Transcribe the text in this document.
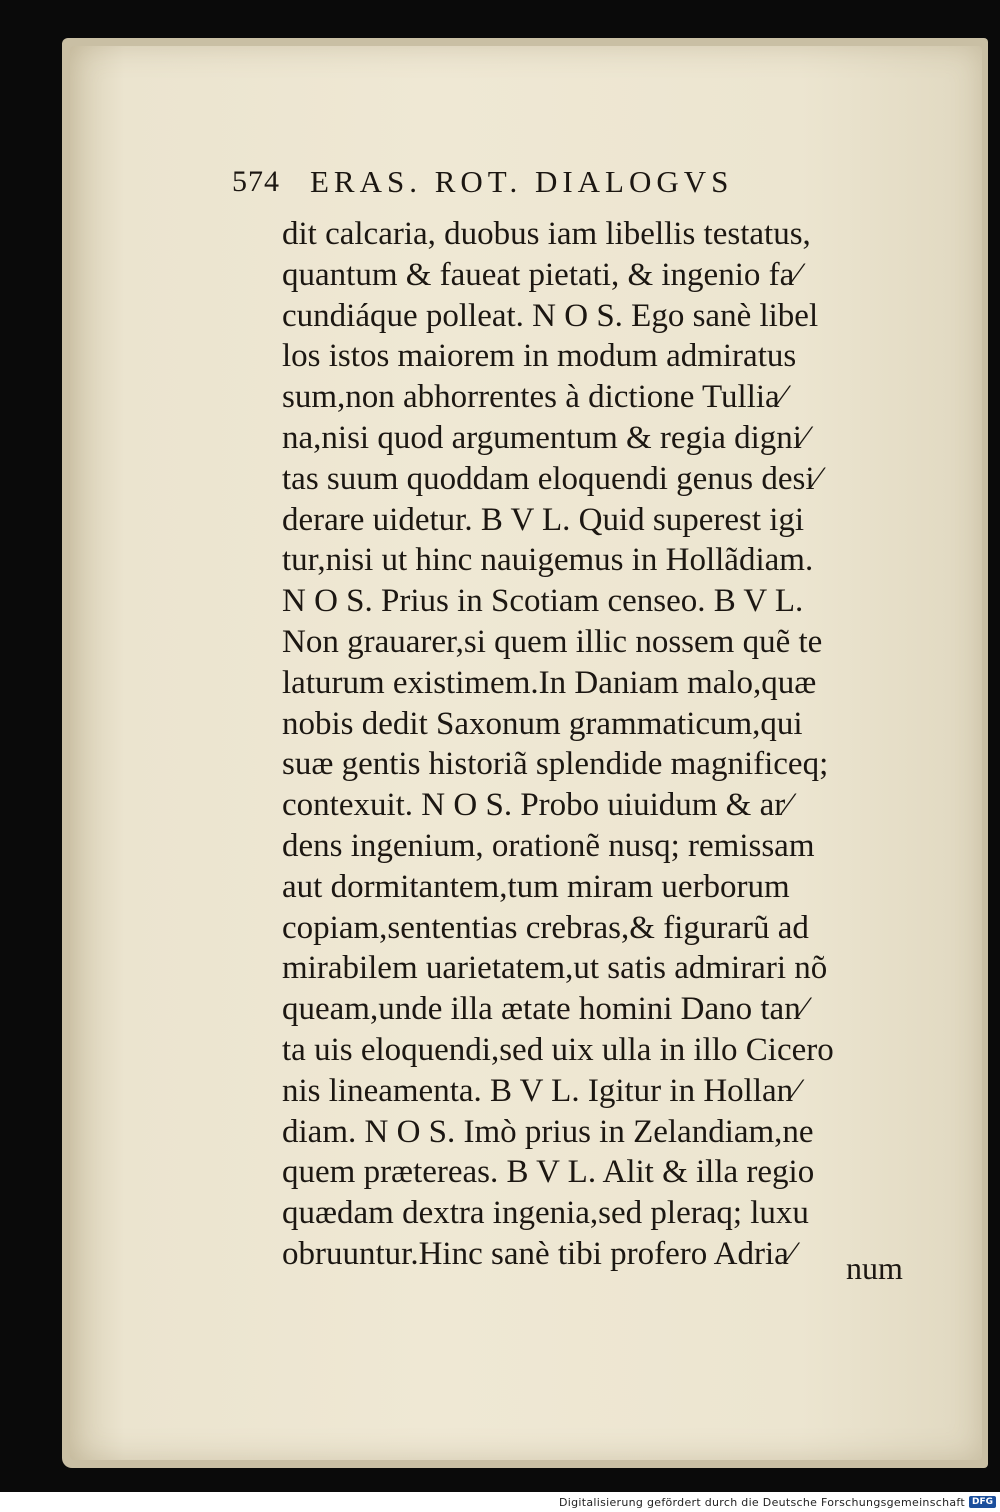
574 ERAS. ROT. DIALOGVS
dit calcaria, duobus iam libellis testatus,
quantum & faueat pietati, & ingenio fa⁄
cundiáque polleat. N O S. Ego sanè libel
los istos maiorem in modum admiratus
sum,non abhorrentes à dictione Tullia⁄
na,nisi quod argumentum & regia digni⁄
tas suum quoddam eloquendi genus desi⁄
derare uidetur. B V L. Quid superest igi
tur,nisi ut hinc nauigemus in Hollãdiam.
N O S. Prius in Scotiam censeo. B V L.
Non grauarer,si quem illic nossem quẽ te
laturum existimem.In Daniam malo,quæ
nobis dedit Saxonum grammaticum,qui
suæ gentis historiã splendide magnificeq;
contexuit. N O S. Probo uiuidum & ar⁄
dens ingenium, orationẽ nusq; remissam
aut dormitantem,tum miram uerborum
copiam,sententias crebras,& figurarũ ad
mirabilem uarietatem,ut satis admirari nõ
queam,unde illa ætate homini Dano tan⁄
ta uis eloquendi,sed uix ulla in illo Cicero
nis lineamenta. B V L. Igitur in Hollan⁄
diam. N O S. Imò prius in Zelandiam,ne
quem prætereas. B V L. Alit & illa regio
quædam dextra ingenia,sed pleraq; luxu
obruuntur.Hinc sanè tibi profero Adria⁄	num
Digitalisierung gefördert durch die Deutsche Forschungsgemeinschaft DFG
